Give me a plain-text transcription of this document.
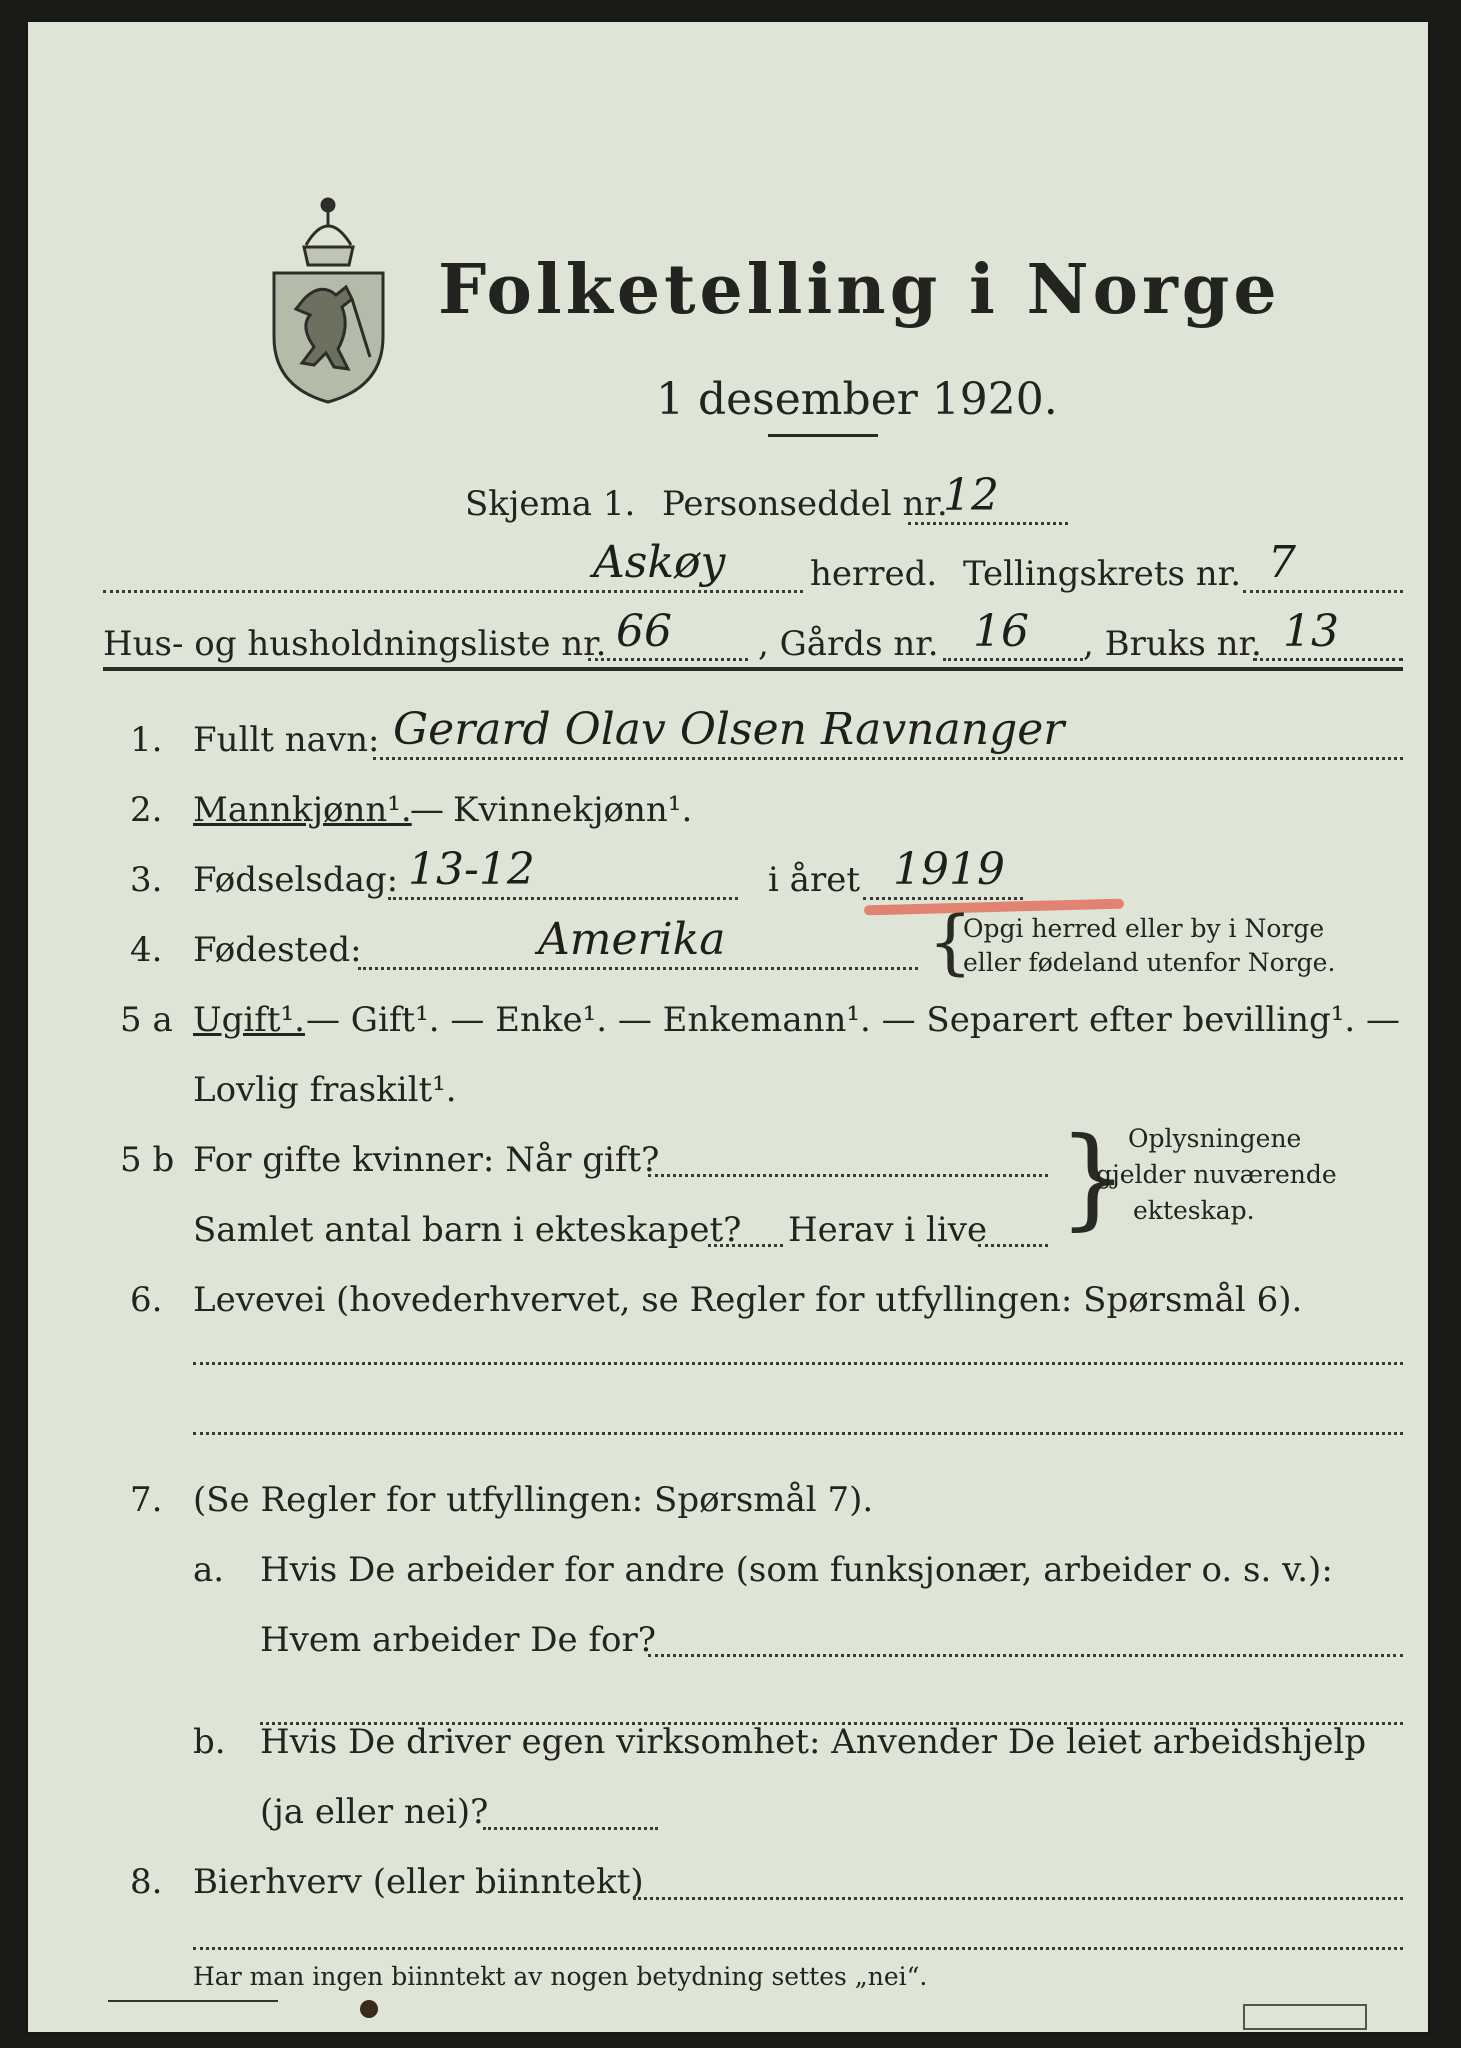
Folketelling i Norge
1 desember 1920.
Skjema 1. Personseddel nr.
12
Askøy herred. Tellingskrets nr. 7
Hus- og husholdningsliste nr. 66	, Gårds nr. 16 , Bruks nr. 13
1. Fullt navn: Gerard Olav Olsen Ravnanger
2. Mannkjønn¹.
— Kvinnekjønn¹.
3. Fødselsdag: 13-12	i året 1919
4. Fødested:	Amerika	{
Opgi herred eller by i Norge
eller fødeland utenfor Norge.
5 a Ugift¹. — Gift¹. — Enke¹. — Enkemann¹. — Separert efter bevilling¹. —
Lovlig fraskilt¹.
5 b For gifte kvinner: Når gift?
Samlet antal barn i ekteskapet? Herav i live } Oplysningene
gjelder nuværende
ekteskap.
6. Levevei (hovederhvervet, se Regler for utfyllingen: Spørsmål 6).
7. (Se Regler for utfyllingen: Spørsmål 7).
a. Hvis De arbeider for andre (som funksjonær, arbeider o. s. v.):
Hvem arbeider De for?
b. Hvis De driver egen virksomhet: Anvender De leiet arbeidshjelp
(ja eller nei)?
8. Bierhverv (eller biinntekt)
Har man ingen biinntekt av nogen betydning settes „nei“.
